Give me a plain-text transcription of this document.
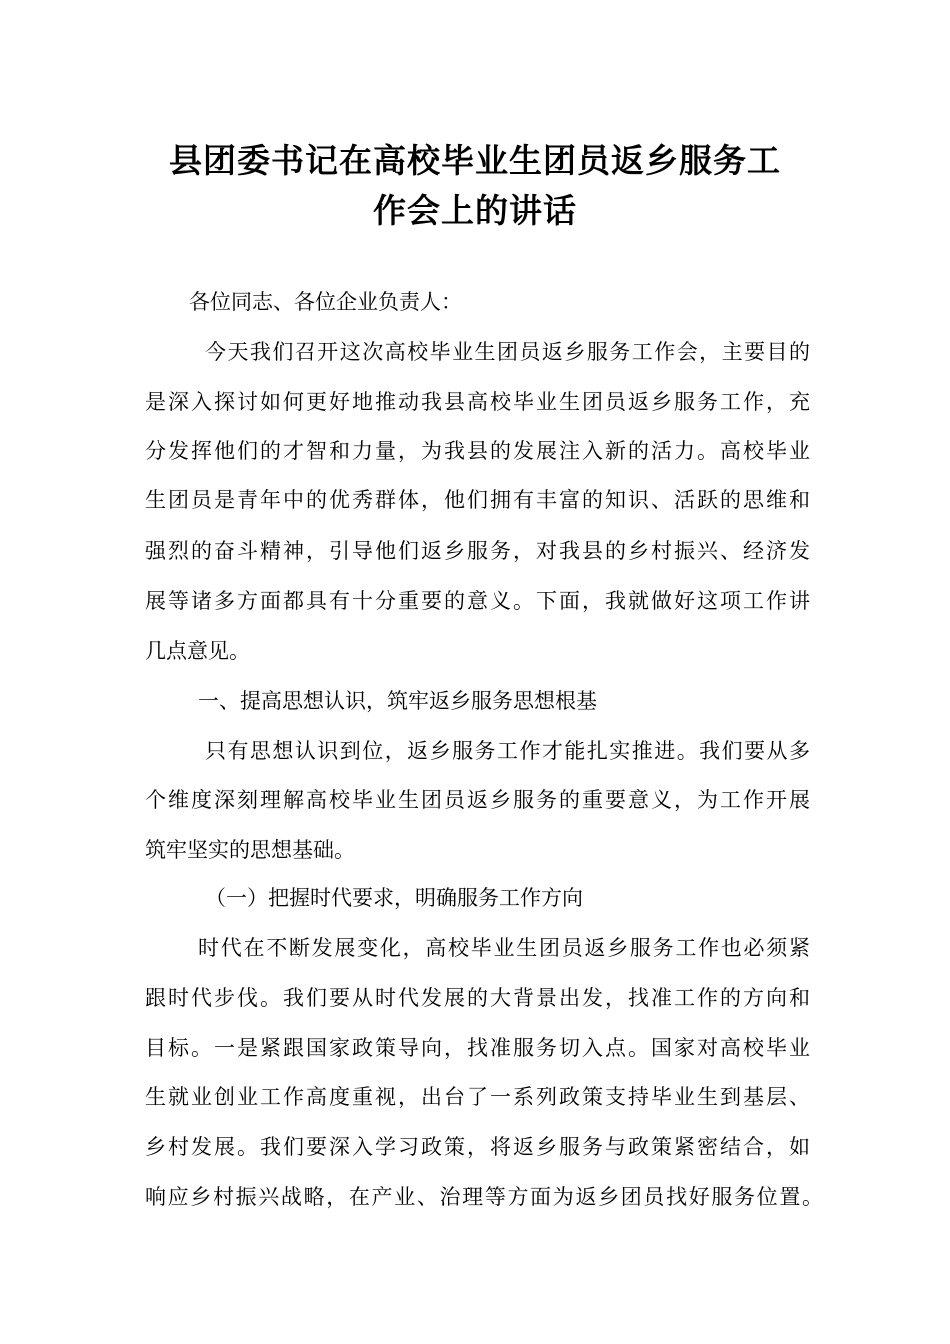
县团委书记在高校毕业生团员返乡服务工
作会上的讲话
各位同志、各位企业负责人：
今天我们召开这次高校毕业生团员返乡服务工作会，主要目的
是深入探讨如何更好地推动我县高校毕业生团员返乡服务工作，充
分发挥他们的才智和力量，为我县的发展注入新的活力。高校毕业
生团员是青年中的优秀群体，他们拥有丰富的知识、活跃的思维和
强烈的奋斗精神，引导他们返乡服务，对我县的乡村振兴、经济发
展等诸多方面都具有十分重要的意义。下面，我就做好这项工作讲
几点意见。
一、提高思想认识，筑牢返乡服务思想根基
只有思想认识到位，返乡服务工作才能扎实推进。我们要从多
个维度深刻理解高校毕业生团员返乡服务的重要意义，为工作开展
筑牢坚实的思想基础。
（一）把握时代要求，明确服务工作方向
时代在不断发展变化，高校毕业生团员返乡服务工作也必须紧
跟时代步伐。我们要从时代发展的大背景出发，找准工作的方向和
目标。一是紧跟国家政策导向，找准服务切入点。国家对高校毕业
生就业创业工作高度重视，出台了一系列政策支持毕业生到基层、
乡村发展。我们要深入学习政策，将返乡服务与政策紧密结合，如
响应乡村振兴战略，在产业、治理等方面为返乡团员找好服务位置。
